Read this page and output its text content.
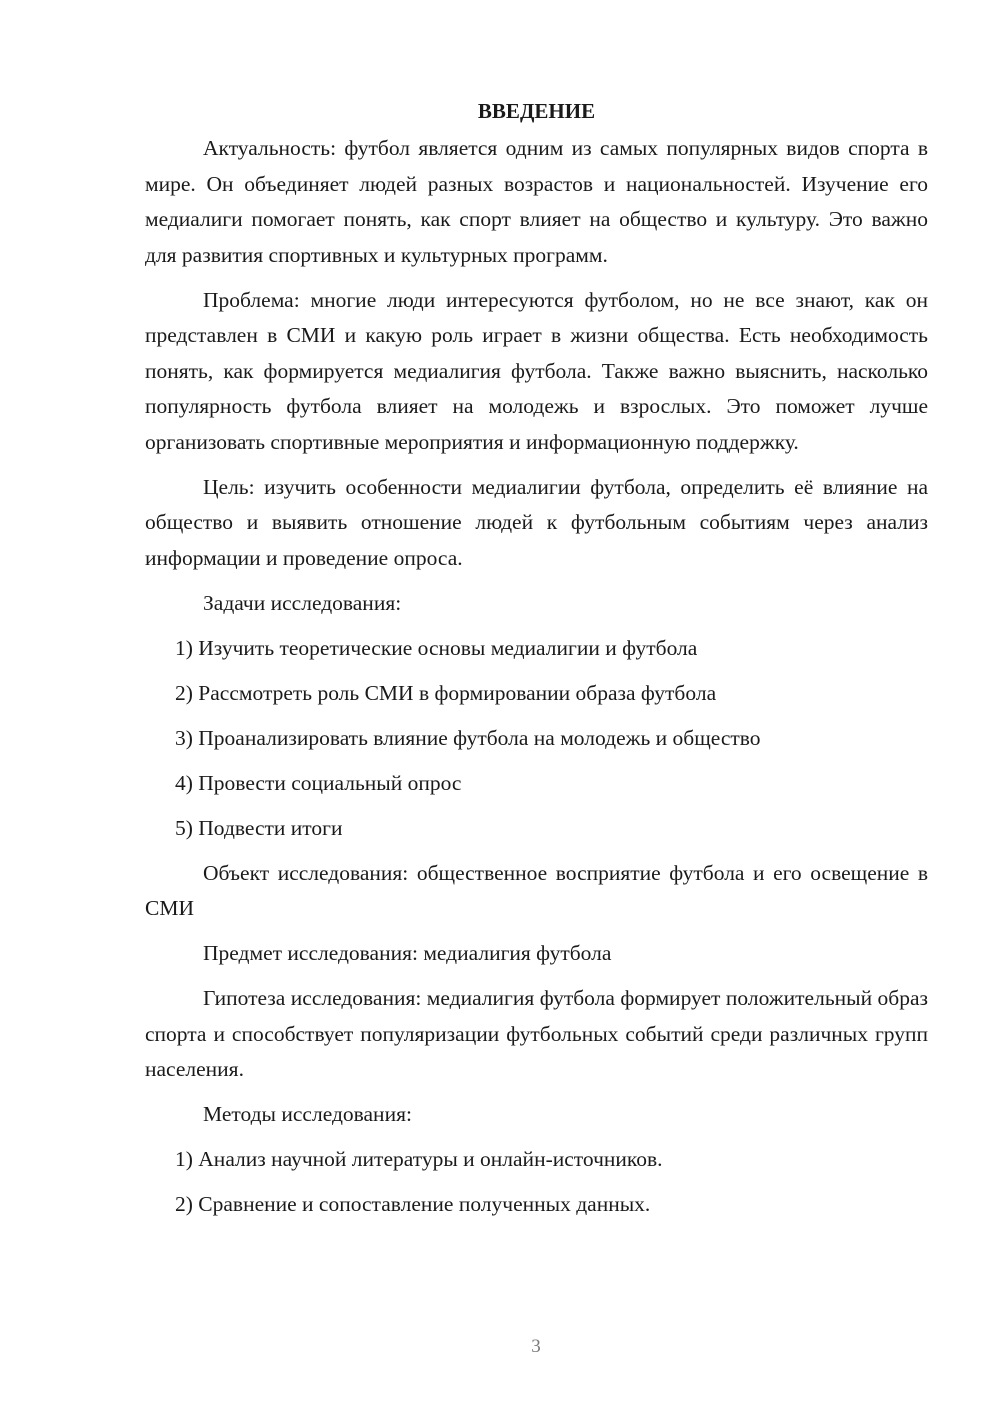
ВВЕДЕНИЕ

Актуальность: футбол является одним из самых популярных видов спорта в мире. Он объединяет людей разных возрастов и национальностей. Изучение его медиалиги помогает понять, как спорт влияет на общество и культуру. Это важно для развития спортивных и культурных программ.

Проблема: многие люди интересуются футболом, но не все знают, как он представлен в СМИ и какую роль играет в жизни общества. Есть необходимость понять, как формируется медиалигия футбола. Также важно выяснить, насколько популярность футбола влияет на молодежь и взрослых. Это поможет лучше организовать спортивные мероприятия и информационную поддержку.

Цель: изучить особенности медиалигии футбола, определить её влияние на общество и выявить отношение людей к футбольным событиям через анализ информации и проведение опроса.

Задачи исследования:

1) Изучить теоретические основы медиалигии и футбола

2) Рассмотреть роль СМИ в формировании образа футбола

3) Проанализировать влияние футбола на молодежь и общество

4) Провести социальный опрос

5) Подвести итоги

Объект исследования: общественное восприятие футбола и его освещение в СМИ

Предмет исследования: медиалигия футбола

Гипотеза исследования: медиалигия футбола формирует положительный образ спорта и способствует популяризации футбольных событий среди различных групп населения.

Методы исследования:

1) Анализ научной литературы и онлайн-источников.

2) Сравнение и сопоставление полученных данных.

3
